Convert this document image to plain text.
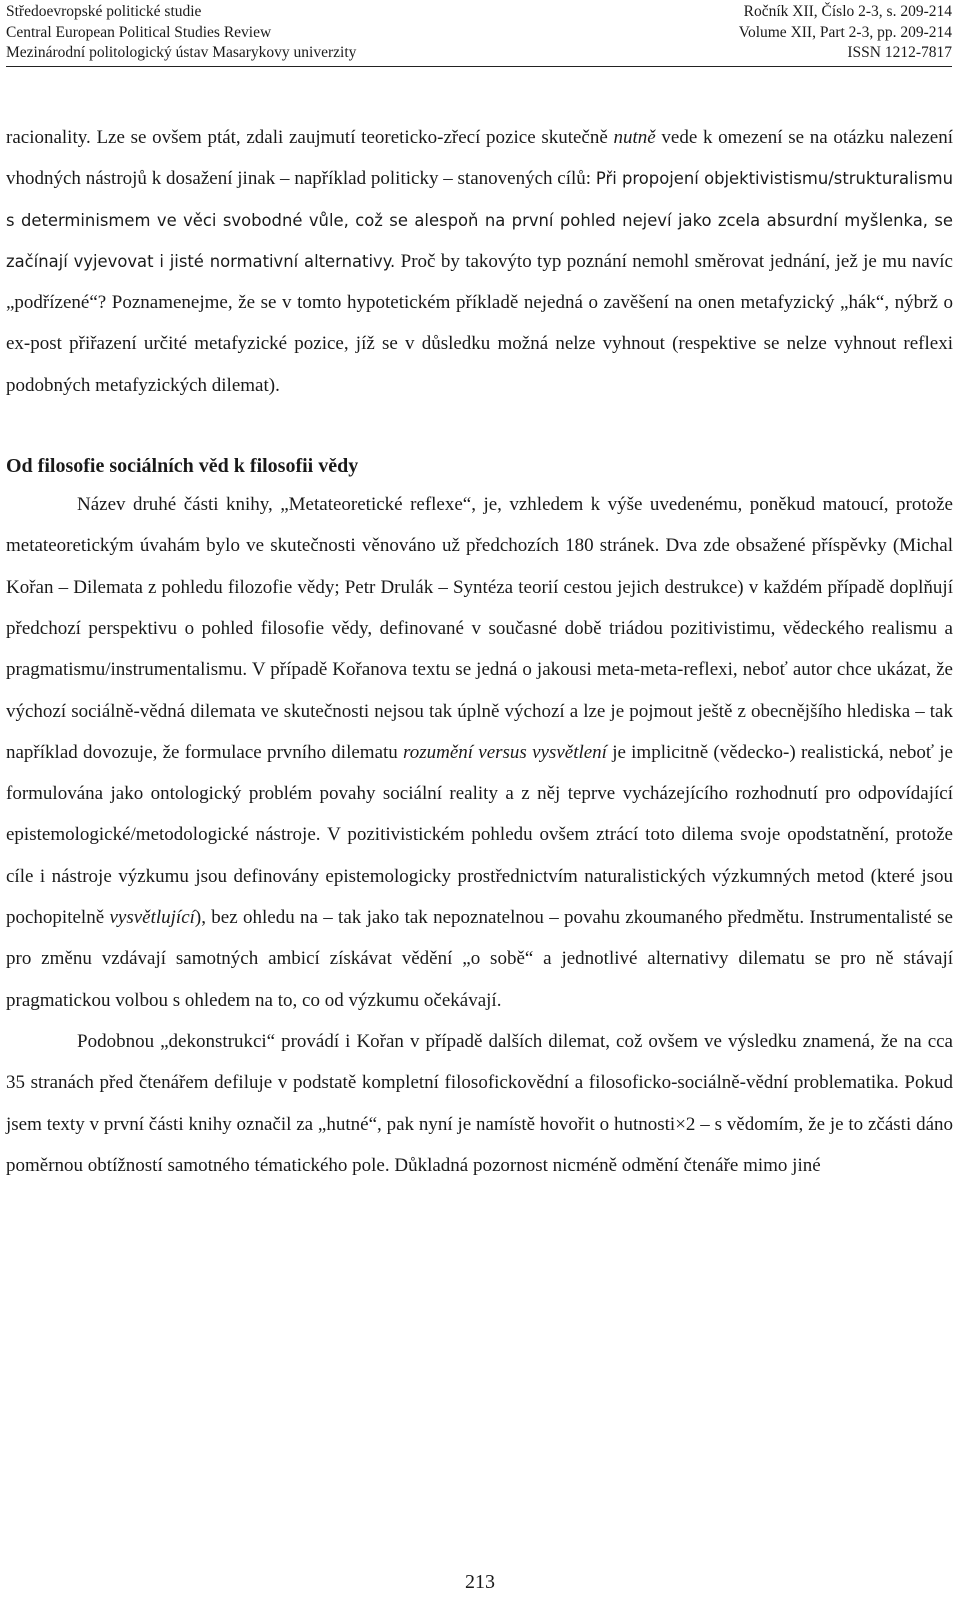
Středoevropské politické studie	Ročník XII, Číslo 2-3, s. 209-214
Central European Political Studies Review	Volume XII, Part 2-3, pp. 209-214
Mezinárodní politologický ústav Masarykovy univerzity	ISSN 1212-7817

racionality. Lze se ovšem ptát, zdali zaujmutí teoreticko-zřecí pozice skutečně nutně vede k omezení se na otázku nalezení vhodných nástrojů k dosažení jinak – například politicky – stanovených cílů: Při propojení objektivistismu/strukturalismu s determinismem ve věci svobodné vůle, což se alespoň na první pohled nejeví jako zcela absurdní myšlenka, se začínají vyjevovat i jisté normativní alternativy. Proč by takovýto typ poznání nemohl směrovat jednání, jež je mu navíc „podřízené“? Poznamenejme, že se v tomto hypotetickém příkladě nejedná o zavěšení na onen metafyzický „hák“, nýbrž o ex-post přiřazení určité metafyzické pozice, jíž se v důsledku možná nelze vyhnout (respektive se nelze vyhnout reflexi podobných metafyzických dilemat).

Od filosofie sociálních věd k filosofii vědy

Název druhé části knihy, „Metateoretické reflexe“, je, vzhledem k výše uvedenému, poněkud matoucí, protože metateoretickým úvahám bylo ve skutečnosti věnováno už předchozích 180 stránek. Dva zde obsažené příspěvky (Michal Kořan – Dilemata z pohledu filozofie vědy; Petr Drulák – Syntéza teorií cestou jejich destrukce) v každém případě doplňují předchozí perspektivu o pohled filosofie vědy, definované v současné době triádou pozitivistimu, vědeckého realismu a pragmatismu/instrumentalismu. V případě Kořanova textu se jedná o jakousi meta-meta-reflexi, neboť autor chce ukázat, že výchozí sociálně-vědná dilemata ve skutečnosti nejsou tak úplně výchozí a lze je pojmout ještě z obecnějšího hlediska – tak například dovozuje, že formulace prvního dilematu rozumění versus vysvětlení je implicitně (vědecko-) realistická, neboť je formulována jako ontologický problém povahy sociální reality a z něj teprve vycházejícího rozhodnutí pro odpovídající epistemologické/metodologické nástroje. V pozitivistickém pohledu ovšem ztrácí toto dilema svoje opodstatnění, protože cíle i nástroje výzkumu jsou definovány epistemologicky prostřednictvím naturalistických výzkumných metod (které jsou pochopitelně vysvětlující), bez ohledu na – tak jako tak nepoznatelnou – povahu zkoumaného předmětu. Instrumentalisté se pro změnu vzdávají samotných ambicí získávat vědění „o sobě“ a jednotlivé alternativy dilematu se pro ně stávají pragmatickou volbou s ohledem na to, co od výzkumu očekávají.

Podobnou „dekonstrukci“ provádí i Kořan v případě dalších dilemat, což ovšem ve výsledku znamená, že na cca 35 stranách před čtenářem defiluje v podstatě kompletní filosofickovědní a filosoficko-sociálně-vědní problematika. Pokud jsem texty v první části knihy označil za „hutné“, pak nyní je namístě hovořit o hutnosti×2 – s vědomím, že je to zčásti dáno poměrnou obtížností samotného tématického pole. Důkladná pozornost nicméně odmění čtenáře mimo jiné

213
